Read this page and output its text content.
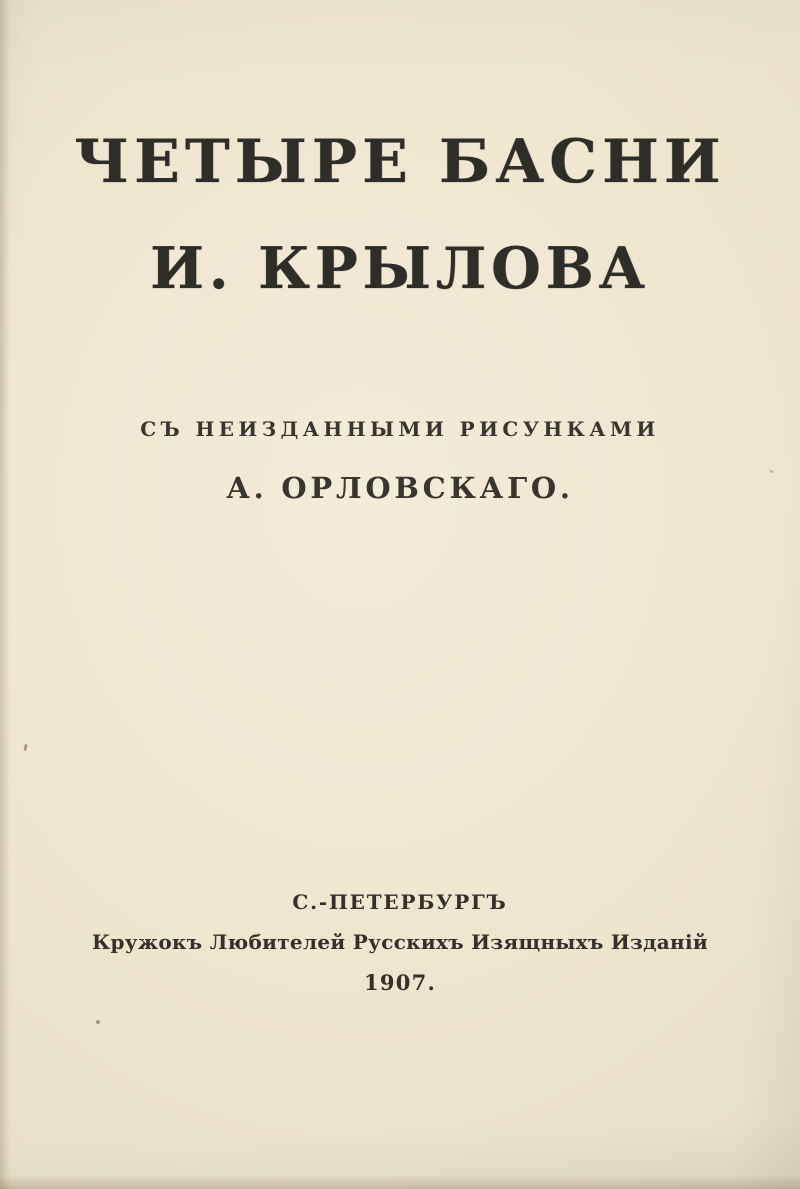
ЧЕТЫРЕ БАСНИ
И. КРЫЛОВА
СЪ НЕИЗДАННЫМИ РИСУНКАМИ
А. ОРЛОВСКАГО.
С.-ПЕТЕРБУРГЪ
Кружокъ Любителей Русскихъ Изящныхъ Изданій
1907.
